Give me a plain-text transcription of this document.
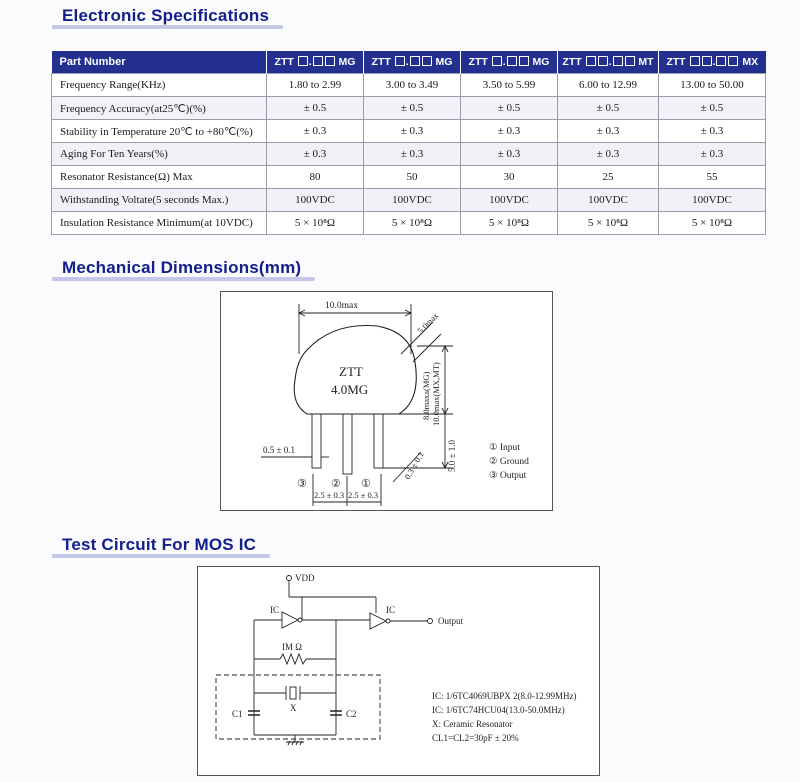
Electronic Specifications
Mechanical Dimensions(mm)
Test Circuit For MOS IC
Part Number	ZTT . MG	ZTT . MG	ZTT . MG	ZTT . MT	ZTT . MX
Frequency Range(KHz)	1.80 to 2.99	3.00 to 3.49	3.50 to 5.99	6.00 to 12.99	13.00 to 50.00
Frequency Accuracy(at25℃)(%)	± 0.5	± 0.5	± 0.5	± 0.5	± 0.5
Stability in Temperature 20℃ to +80℃(%)	± 0.3	± 0.3	± 0.3	± 0.3	± 0.3
Aging For Ten Years(%)	± 0.3	± 0.3	± 0.3	± 0.3	± 0.3
Resonator Resistance(Ω) Max	80	50	30	25	55
Withstanding Voltate(5 seconds Max.)	100VDC	100VDC	100VDC	100VDC	100VDC
Insulation Resistance Minimum(at 10VDC)	5 × 10⁸Ω	5 × 10⁸Ω	5 × 10⁸Ω	5 × 10⁸Ω	5 × 10⁸Ω
10.0max
5.0max
ZTT
4.0MG	8.0maxa(MG) 10.0max(MX,MT)
0.5 ± 0.1	5.0 ± 1.0
0.3 ± 0.1
2.5 ± 0.3 2.5 ± 0.3
③ ② ①
① Input
② Ground
③ Output
VDD
IC	IC
Output
IM Ω
X
C1	C2
IC: 1/6TC4069UBPX 2(8.0-12.99MHz)
IC: 1/6TC74HCU04(13.0-50.0MHz)
X: Ceramic Resonator
CL1=CL2=30pF ± 20%
